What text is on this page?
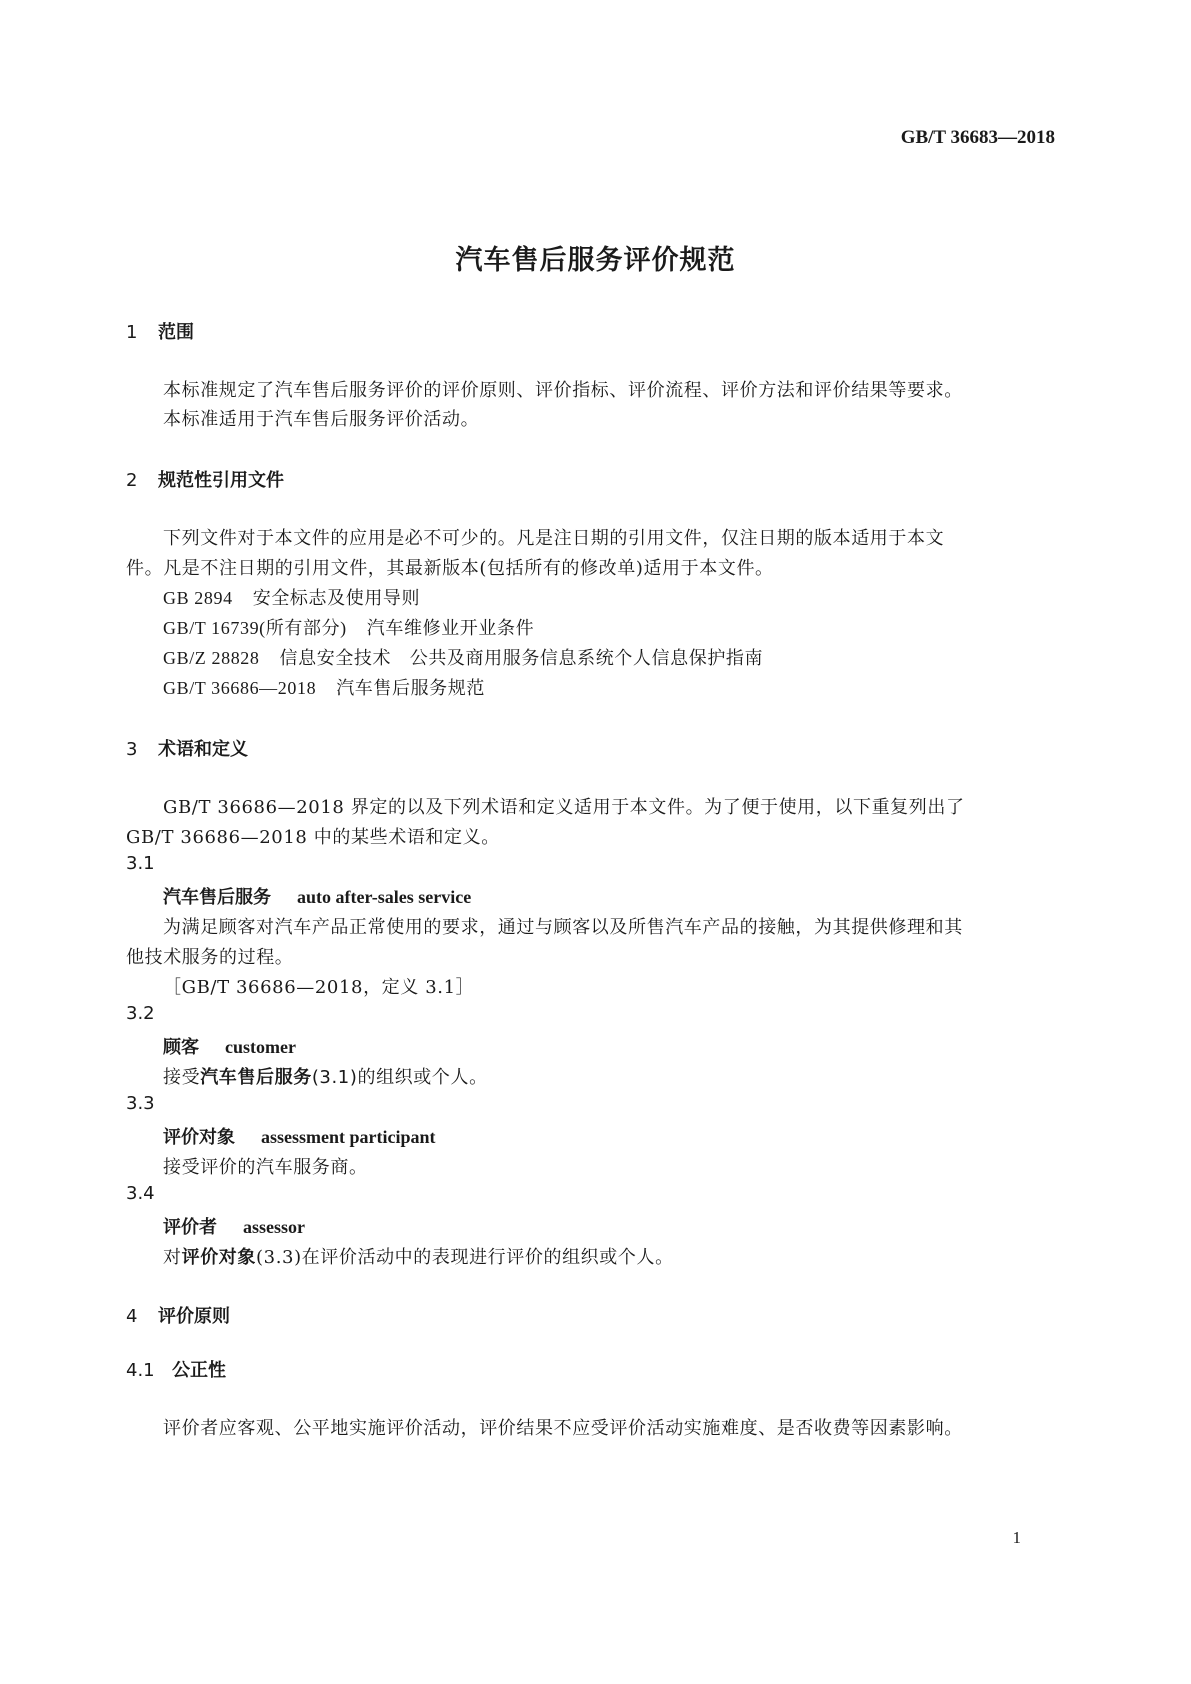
GB/T 36683—2018
汽车售后服务评价规范
1 范围
本标准规定了汽车售后服务评价的评价原则、评价指标、评价流程、评价方法和评价结果等要求。
本标准适用于汽车售后服务评价活动。
2 规范性引用文件
下列文件对于本文件的应用是必不可少的。凡是注日期的引用文件，仅注日期的版本适用于本文
件。凡是不注日期的引用文件，其最新版本(包括所有的修改单)适用于本文件。
GB 2894 安全标志及使用导则
GB/T 16739(所有部分) 汽车维修业开业条件
GB/Z 28828 信息安全技术　公共及商用服务信息系统个人信息保护指南
GB/T 36686—2018 汽车售后服务规范
3 术语和定义
GB/T 36686—2018 界定的以及下列术语和定义适用于本文件。为了便于使用，以下重复列出了
GB/T 36686—2018 中的某些术语和定义。
3.1
汽车售后服务 auto after-sales service
为满足顾客对汽车产品正常使用的要求，通过与顾客以及所售汽车产品的接触，为其提供修理和其
他技术服务的过程。
［GB/T 36686—2018，定义 3.1］
3.2
顾客 customer
接受汽车售后服务(3.1)的组织或个人。
3.3
评价对象 assessment participant
接受评价的汽车服务商。
3.4
评价者 assessor
对评价对象(3.3)在评价活动中的表现进行评价的组织或个人。
4 评价原则
4.1 公正性
评价者应客观、公平地实施评价活动，评价结果不应受评价活动实施难度、是否收费等因素影响。
1
